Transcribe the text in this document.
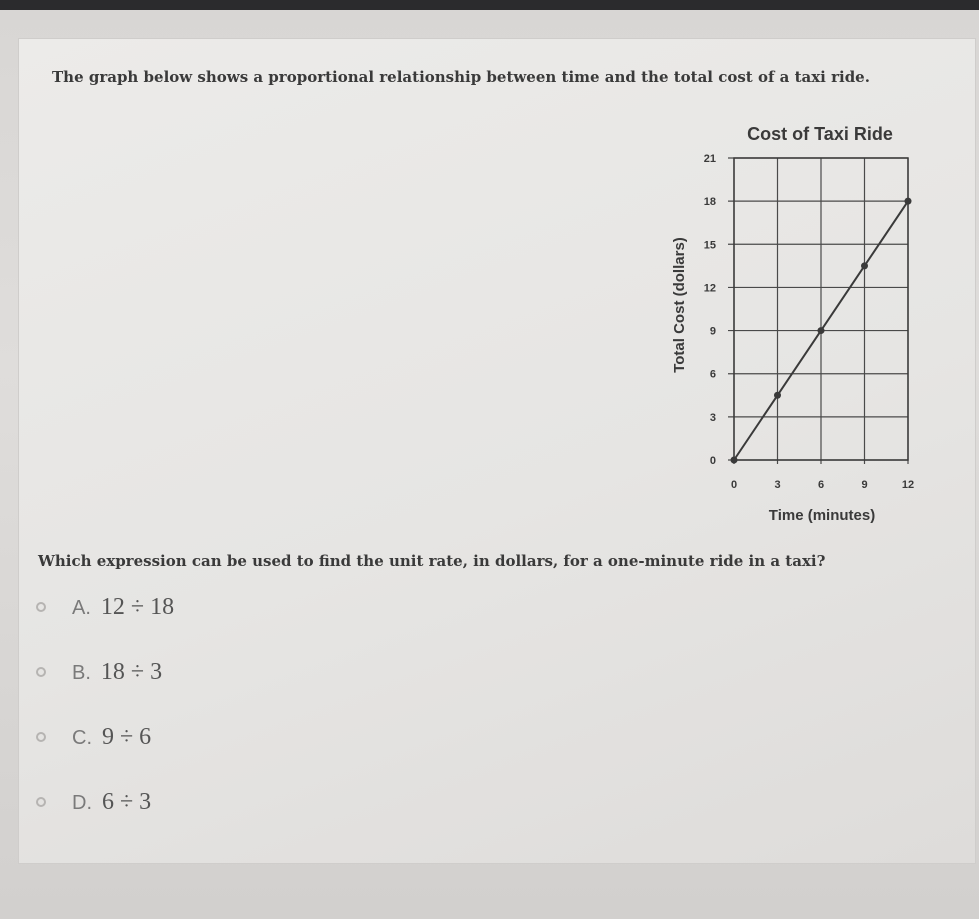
The graph below shows a proportional relationship between time and the total cost of a taxi ride.
Cost of Taxi Ride
0
3
6
9
12
15
18
21
0	3	6	9	12
Time (minutes)
Total Cost (dollars)
Which expression can be used to find the unit rate, in dollars, for a one-minute ride in a taxi?
A. 12 ÷ 18
B. 18 ÷ 3
C. 9 ÷ 6
D. 6 ÷ 3
